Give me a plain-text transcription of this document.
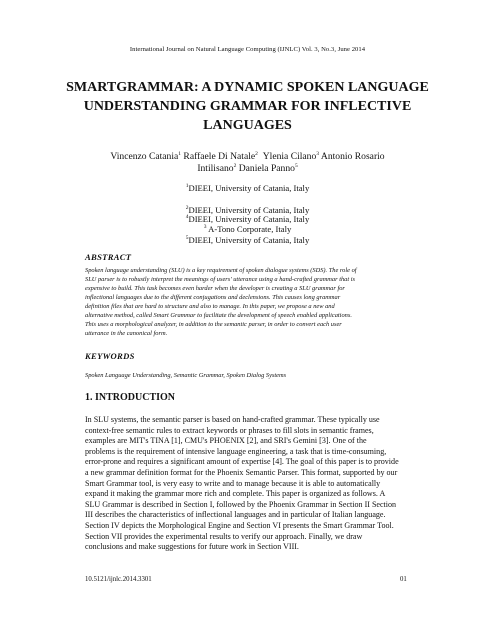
International Journal on Natural Language Computing (IJNLC) Vol. 3, No.3, June 2014
SMARTGRAMMAR: A DYNAMIC SPOKEN LANGUAGE
UNDERSTANDING GRAMMAR FOR INFLECTIVE
LANGUAGES
Vincenzo Catania$^1$ Raffaele Di Natale$^2$ Ylenia Cilano$^3$ Antonio Rosario
Intilisano$^2$ Daniela Panno$^5$
$^1$DIEEI, University of Catania, Italy
$^2$DIEEI, University of Catania, Italy
$^4$DIEEI, University of Catania, Italy
$^3$ A-Tono Corporate, Italy
$^5$DIEEI, University of Catania, Italy
ABSTRACT
Spoken language understanding (SLU) is a key requirement of spoken dialogue systems (SDS). The role of
SLU parser is to robustly interpret the meanings of users' utterance using a hand-crafted grammar that is
expensive to build. This task becomes even harder when the developer is creating a SLU grammar for
inflectional languages due to the different conjugations and declensions. This causes long grammar
definition files that are hard to structure and also to manage. In this paper, we propose a new and
alternative method, called Smart Grammar to facilitate the development of speech enabled applications.
This uses a morphological analyzer, in addition to the semantic parser, in order to convert each user
utterance in the canonical form.
KEYWORDS
Spoken Language Understanding, Semantic Grammar, Spoken Dialog Systems
1. INTRODUCTION
In SLU systems, the semantic parser is based on hand-crafted grammar. These typically use
context-free semantic rules to extract keywords or phrases to fill slots in semantic frames,
examples are MIT's TINA [1], CMU's PHOENIX [2], and SRI's Gemini [3]. One of the
problems is the requirement of intensive language engineering, a task that is time-consuming,
error-prone and requires a significant amount of expertise [4]. The goal of this paper is to provide
a new grammar definition format for the Phoenix Semantic Parser. This format, supported by our
Smart Grammar tool, is very easy to write and to manage because it is able to automatically
expand it making the grammar more rich and complete. This paper is organized as follows. A
SLU Grammar is described in Section I, followed by the Phoenix Grammar in Section II Section
III describes the characteristics of inflectional languages and in particular of Italian language.
Section IV depicts the Morphological Engine and Section VI presents the Smart Grammar Tool.
Section VII provides the experimental results to verify our approach. Finally, we draw
conclusions and make suggestions for future work in Section VIII.
10.5121/ijnlc.2014.3301	01
